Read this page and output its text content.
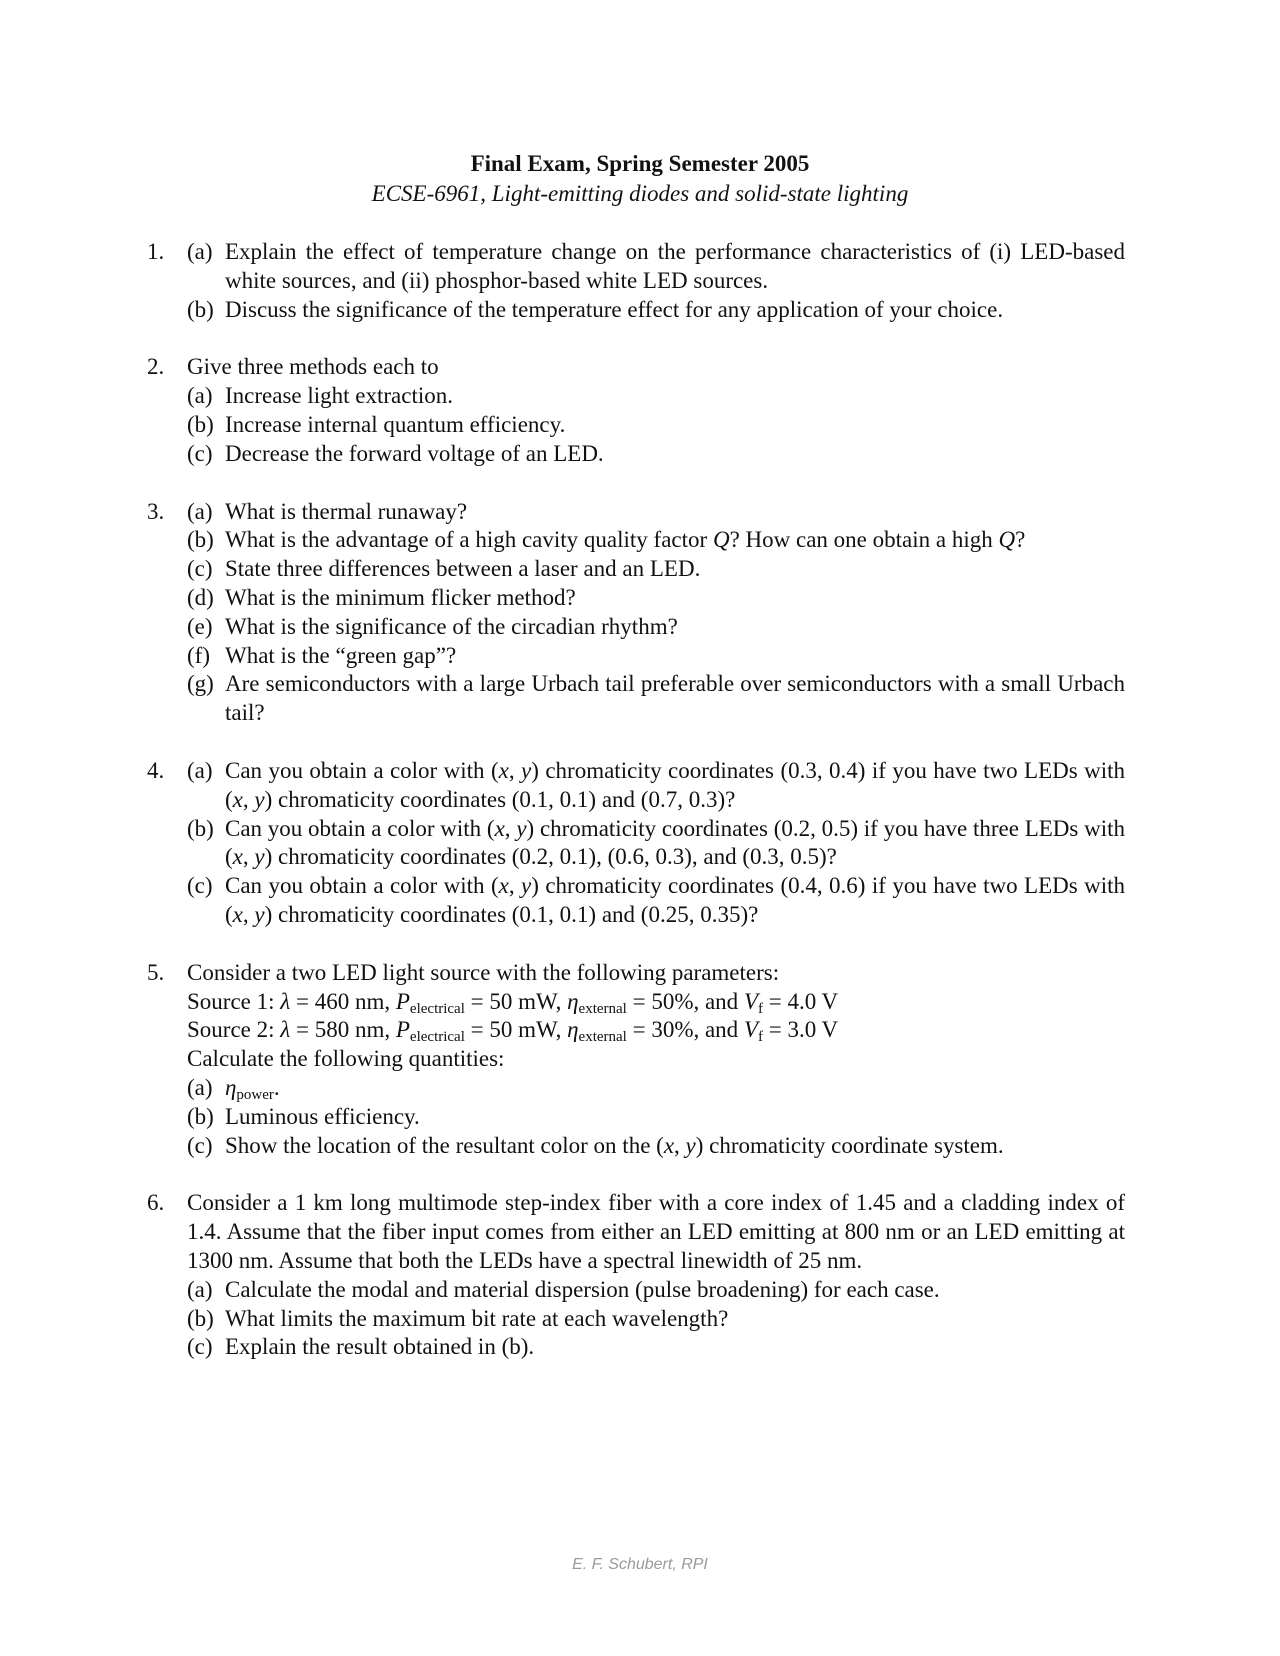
Final Exam, Spring Semester 2005
ECSE-6961, Light-emitting diodes and solid-state lighting
1. (a) Explain the effect of temperature change on the performance characteristics of (i) LED-based white sources, and (ii) phosphor-based white LED sources.
(b) Discuss the significance of the temperature effect for any application of your choice.
2. Give three methods each to
(a) Increase light extraction.
(b) Increase internal quantum efficiency.
(c) Decrease the forward voltage of an LED.
3. (a) What is thermal runaway?
(b) What is the advantage of a high cavity quality factor Q? How can one obtain a high Q?
(c) State three differences between a laser and an LED.
(d) What is the minimum flicker method?
(e) What is the significance of the circadian rhythm?
(f) What is the “green gap”?
(g) Are semiconductors with a large Urbach tail preferable over semiconductors with a small Urbach tail?
4. (a) Can you obtain a color with (x, y) chromaticity coordinates (0.3, 0.4) if you have two LEDs with (x, y) chromaticity coordinates (0.1, 0.1) and (0.7, 0.3)?
(b) Can you obtain a color with (x, y) chromaticity coordinates (0.2, 0.5) if you have three LEDs with (x, y) chromaticity coordinates (0.2, 0.1), (0.6, 0.3), and (0.3, 0.5)?
(c) Can you obtain a color with (x, y) chromaticity coordinates (0.4, 0.6) if you have two LEDs with (x, y) chromaticity coordinates (0.1, 0.1) and (0.25, 0.35)?
5. Consider a two LED light source with the following parameters:
Source 1: λ = 460 nm, $P_{electrical} = 50$ mW, $\eta_{external} = 50\%$, and $V_f = 4.0$ V
Source 2: λ = 580 nm, $P_{electrical} = 50$ mW, $\eta_{external} = 30\%$, and $V_f = 3.0$ V
Calculate the following quantities:
(a) $\eta_{power}$.
(b) Luminous efficiency.
(c) Show the location of the resultant color on the (x, y) chromaticity coordinate system.
6. Consider a 1 km long multimode step-index fiber with a core index of 1.45 and a cladding index of 1.4. Assume that the fiber input comes from either an LED emitting at 800 nm or an LED emitting at 1300 nm. Assume that both the LEDs have a spectral linewidth of 25 nm.
(a) Calculate the modal and material dispersion (pulse broadening) for each case.
(b) What limits the maximum bit rate at each wavelength?
(c) Explain the result obtained in (b).
E. F. Schubert, RPI
